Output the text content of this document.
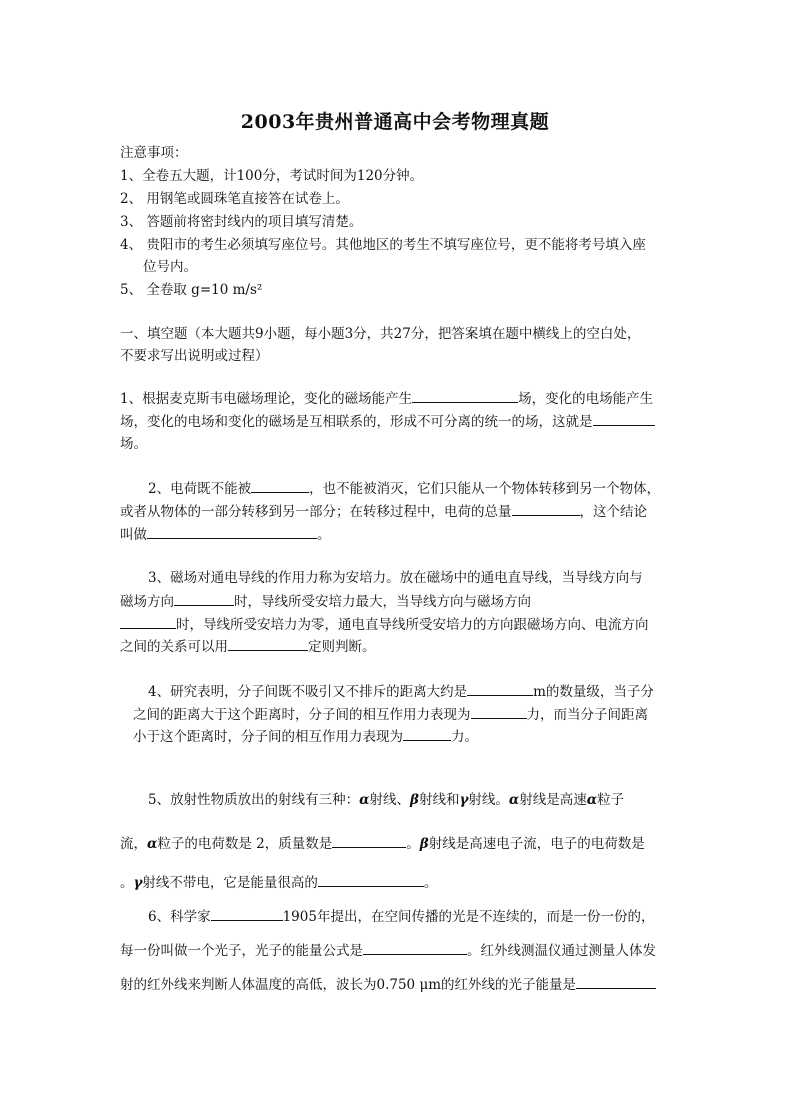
2003年贵州普通高中会考物理真题
注意事项：
1、全卷五大题，计100分，考试时间为120分钟。
2、 用钢笔或圆珠笔直接答在试卷上。
3、 答题前将密封线内的项目填写清楚。
4、 贵阳市的考生必须填写座位号。其他地区的考生不填写座位号，更不能将考号填入座
位号内。
5、 全卷取 g=10 m/s²
一、填空题（本大题共9小题，每小题3分，共27分，把答案填在题中横线上的空白处，
不要求写出说明或过程）
1、根据麦克斯韦电磁场理论，变化的磁场能产生	场，变化的电场能产生
场，变化的电场和变化的磁场是互相联系的，形成不可分离的统一的场，这就是
场。
2、电荷既不能被	，也不能被消灭，它们只能从一个物体转移到另一个物体，
或者从物体的一部分转移到另一部分；在转移过程中，电荷的总量	，这个结论
叫做	。
3、磁场对通电导线的作用力称为安培力。放在磁场中的通电直导线，当导线方向与
磁场方向	时，导线所受安培力最大，当导线方向与磁场方向
时，导线所受安培力为零，通电直导线所受安培力的方向跟磁场方向、电流方向
之间的关系可以用	定则判断。
4、研究表明，分子间既不吸引又不排斥的距离大约是	m的数量级，当子分
之间的距离大于这个距离时，分子间的相互作用力表现为	力，而当分子间距离
小于这个距离时，分子间的相互作用力表现为	力。
5、放射性物质放出的射线有三种：α射线、β射线和γ射线。α射线是高速α粒子
流，α粒子的电荷数是 2，质量数是	。β射线是高速电子流，电子的电荷数是
。γ射线不带电，它是能量很高的	。
6、科学家	1905年提出，在空间传播的光是不连续的，而是一份一份的，
每一份叫做一个光子，光子的能量公式是	。红外线测温仪通过测量人体发
射的红外线来判断人体温度的高低，波长为0.750 μm的红外线的光子能量是
